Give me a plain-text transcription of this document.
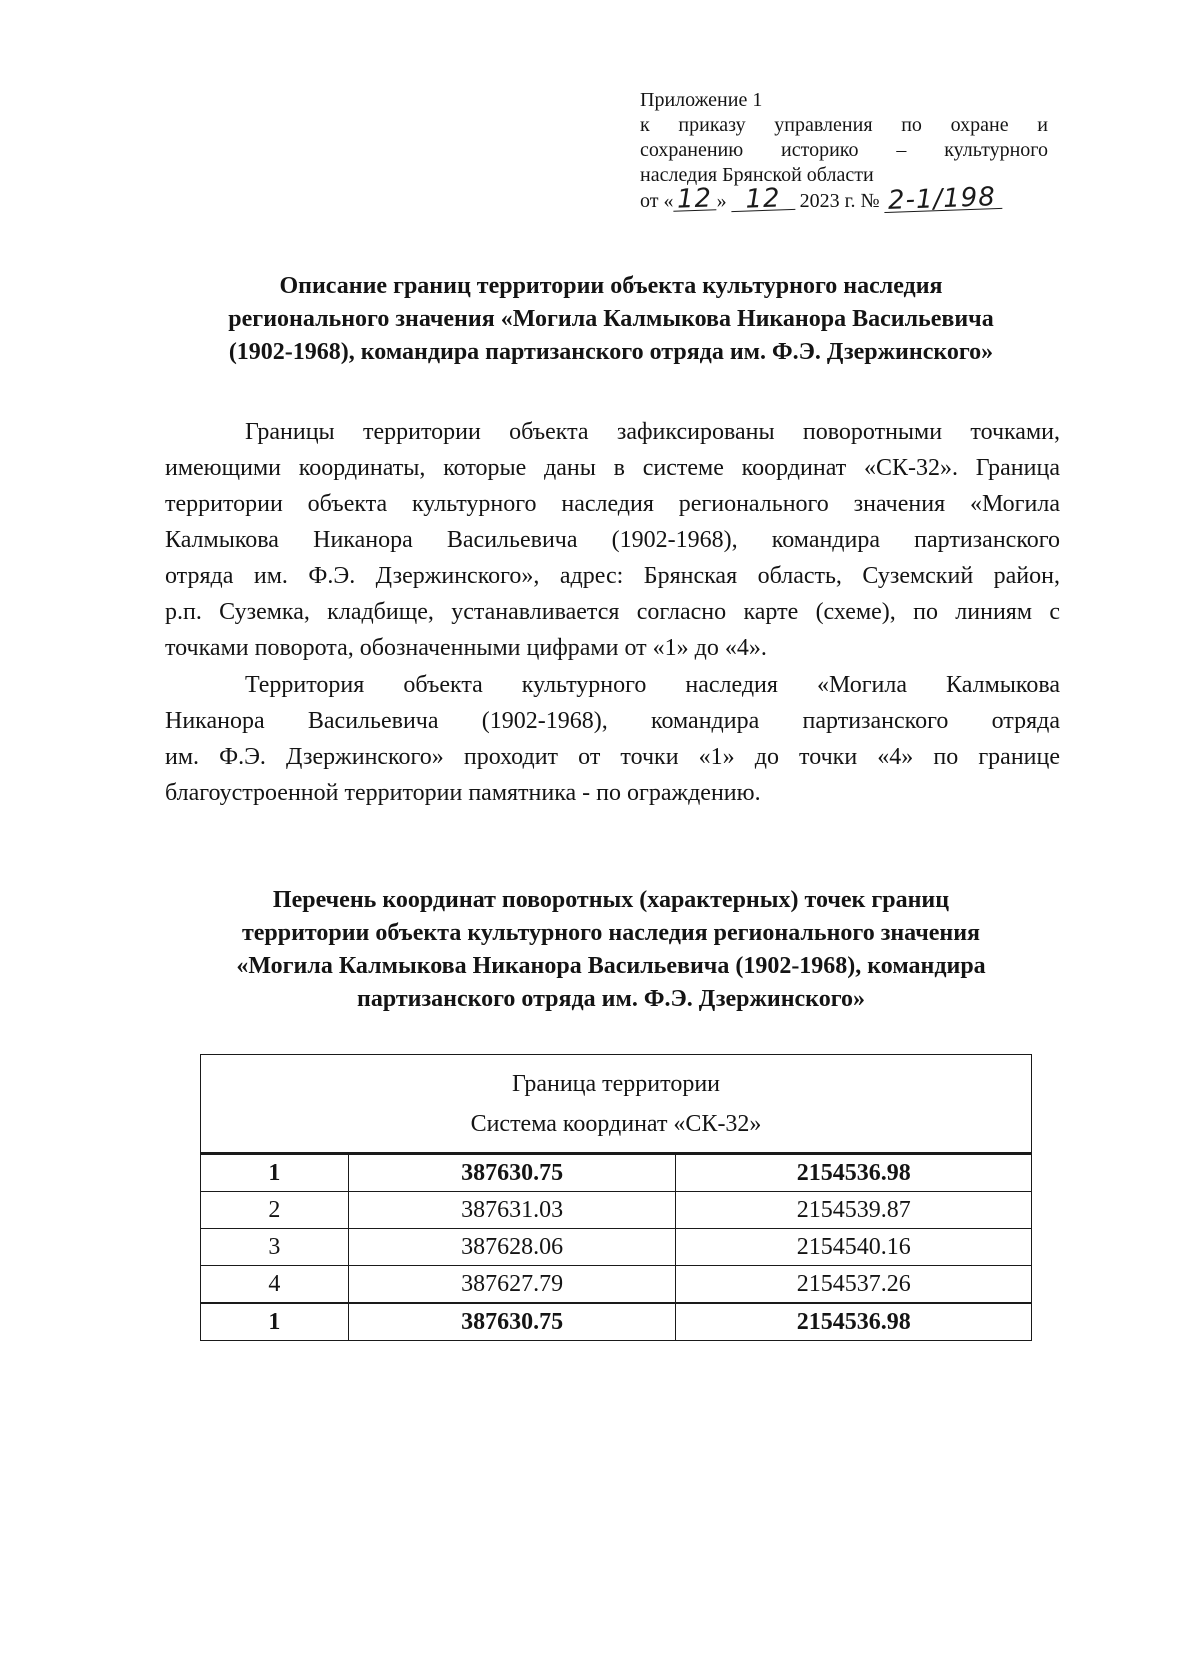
Приложение 1
к приказу управления по охране и
сохранению историко – культурного
наследия Брянской области
от « 12 » 12 2023 г. № 2-1/198
Описание границ территории объекта культурного наследия
регионального значения «Могила Калмыкова Никанора Васильевича
(1902-1968), командира партизанского отряда им. Ф.Э. Дзержинского»
Границы территории объекта зафиксированы поворотными точками,
имеющими координаты, которые даны в системе координат «СК-32». Граница
территории объекта культурного наследия регионального значения «Могила
Калмыкова Никанора Васильевича (1902-1968), командира партизанского
отряда им. Ф.Э. Дзержинского», адрес: Брянская область, Суземский район,
р.п. Суземка, кладбище, устанавливается согласно карте (схеме), по линиям с
точками поворота, обозначенными цифрами от «1» до «4».
Территория объекта культурного наследия «Могила Калмыкова
Никанора Васильевича (1902-1968), командира партизанского отряда
им. Ф.Э. Дзержинского» проходит от точки «1» до точки «4» по границе
благоустроенной территории памятника - по ограждению.
Перечень координат поворотных (характерных) точек границ
территории объекта культурного наследия регионального значения
«Могила Калмыкова Никанора Васильевича (1902-1968), командира
партизанского отряда им. Ф.Э. Дзержинского»
Граница территории
Система координат «СК-32»		

1	387630.75	2154536.98
2	387631.03	2154539.87
3	387628.06	2154540.16
4	387627.79	2154537.26
1	387630.75	2154536.98
